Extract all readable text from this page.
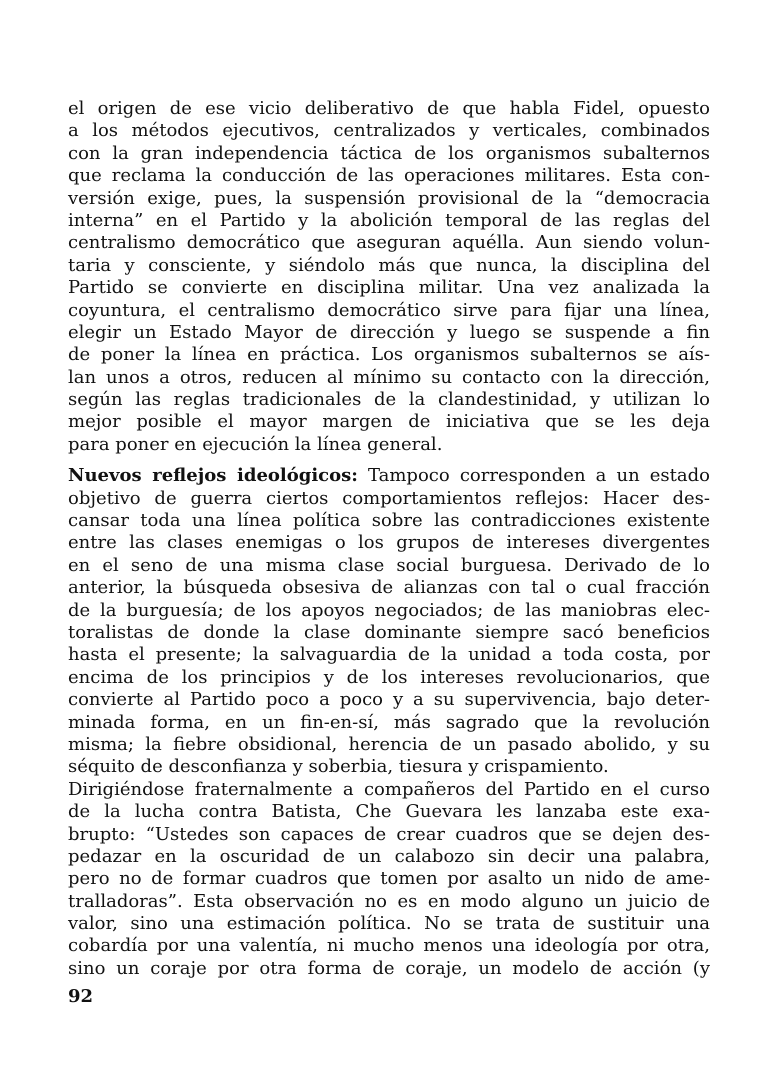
el origen de ese vicio deliberativo de que habla Fidel, opuesto
a los métodos ejecutivos, centralizados y verticales, combinados
con la gran independencia táctica de los organismos subalternos
que reclama la conducción de las operaciones militares. Esta con-
versión exige, pues, la suspensión provisional de la “democracia
interna” en el Partido y la abolición temporal de las reglas del
centralismo democrático que aseguran aquélla. Aun siendo volun-
taria y consciente, y siéndolo más que nunca, la disciplina del
Partido se convierte en disciplina militar. Una vez analizada la
coyuntura, el centralismo democrático sirve para fijar una línea,
elegir un Estado Mayor de dirección y luego se suspende a fin
de poner la línea en práctica. Los organismos subalternos se aís-
lan unos a otros, reducen al mínimo su contacto con la dirección,
según las reglas tradicionales de la clandestinidad, y utilizan lo
mejor posible el mayor margen de iniciativa que se les deja
para poner en ejecución la línea general.
Nuevos reflejos ideológicos: Tampoco corresponden a un estado
objetivo de guerra ciertos comportamientos reflejos: Hacer des-
cansar toda una línea política sobre las contradicciones existente
entre las clases enemigas o los grupos de intereses divergentes
en el seno de una misma clase social burguesa. Derivado de lo
anterior, la búsqueda obsesiva de alianzas con tal o cual fracción
de la burguesía; de los apoyos negociados; de las maniobras elec-
toralistas de donde la clase dominante siempre sacó beneficios
hasta el presente; la salvaguardia de la unidad a toda costa, por
encima de los principios y de los intereses revolucionarios, que
convierte al Partido poco a poco y a su supervivencia, bajo deter-
minada forma, en un fin-en-sí, más sagrado que la revolución
misma; la fiebre obsidional, herencia de un pasado abolido, y su
séquito de desconfianza y soberbia, tiesura y crispamiento.
Dirigiéndose fraternalmente a compañeros del Partido en el curso
de la lucha contra Batista, Che Guevara les lanzaba este exa-
brupto: “Ustedes son capaces de crear cuadros que se dejen des-
pedazar en la oscuridad de un calabozo sin decir una palabra,
pero no de formar cuadros que tomen por asalto un nido de ame-
tralladoras”. Esta observación no es en modo alguno un juicio de
valor, sino una estimación política. No se trata de sustituir una
cobardía por una valentía, ni mucho menos una ideología por otra,
sino un coraje por otra forma de coraje, un modelo de acción (y
92
